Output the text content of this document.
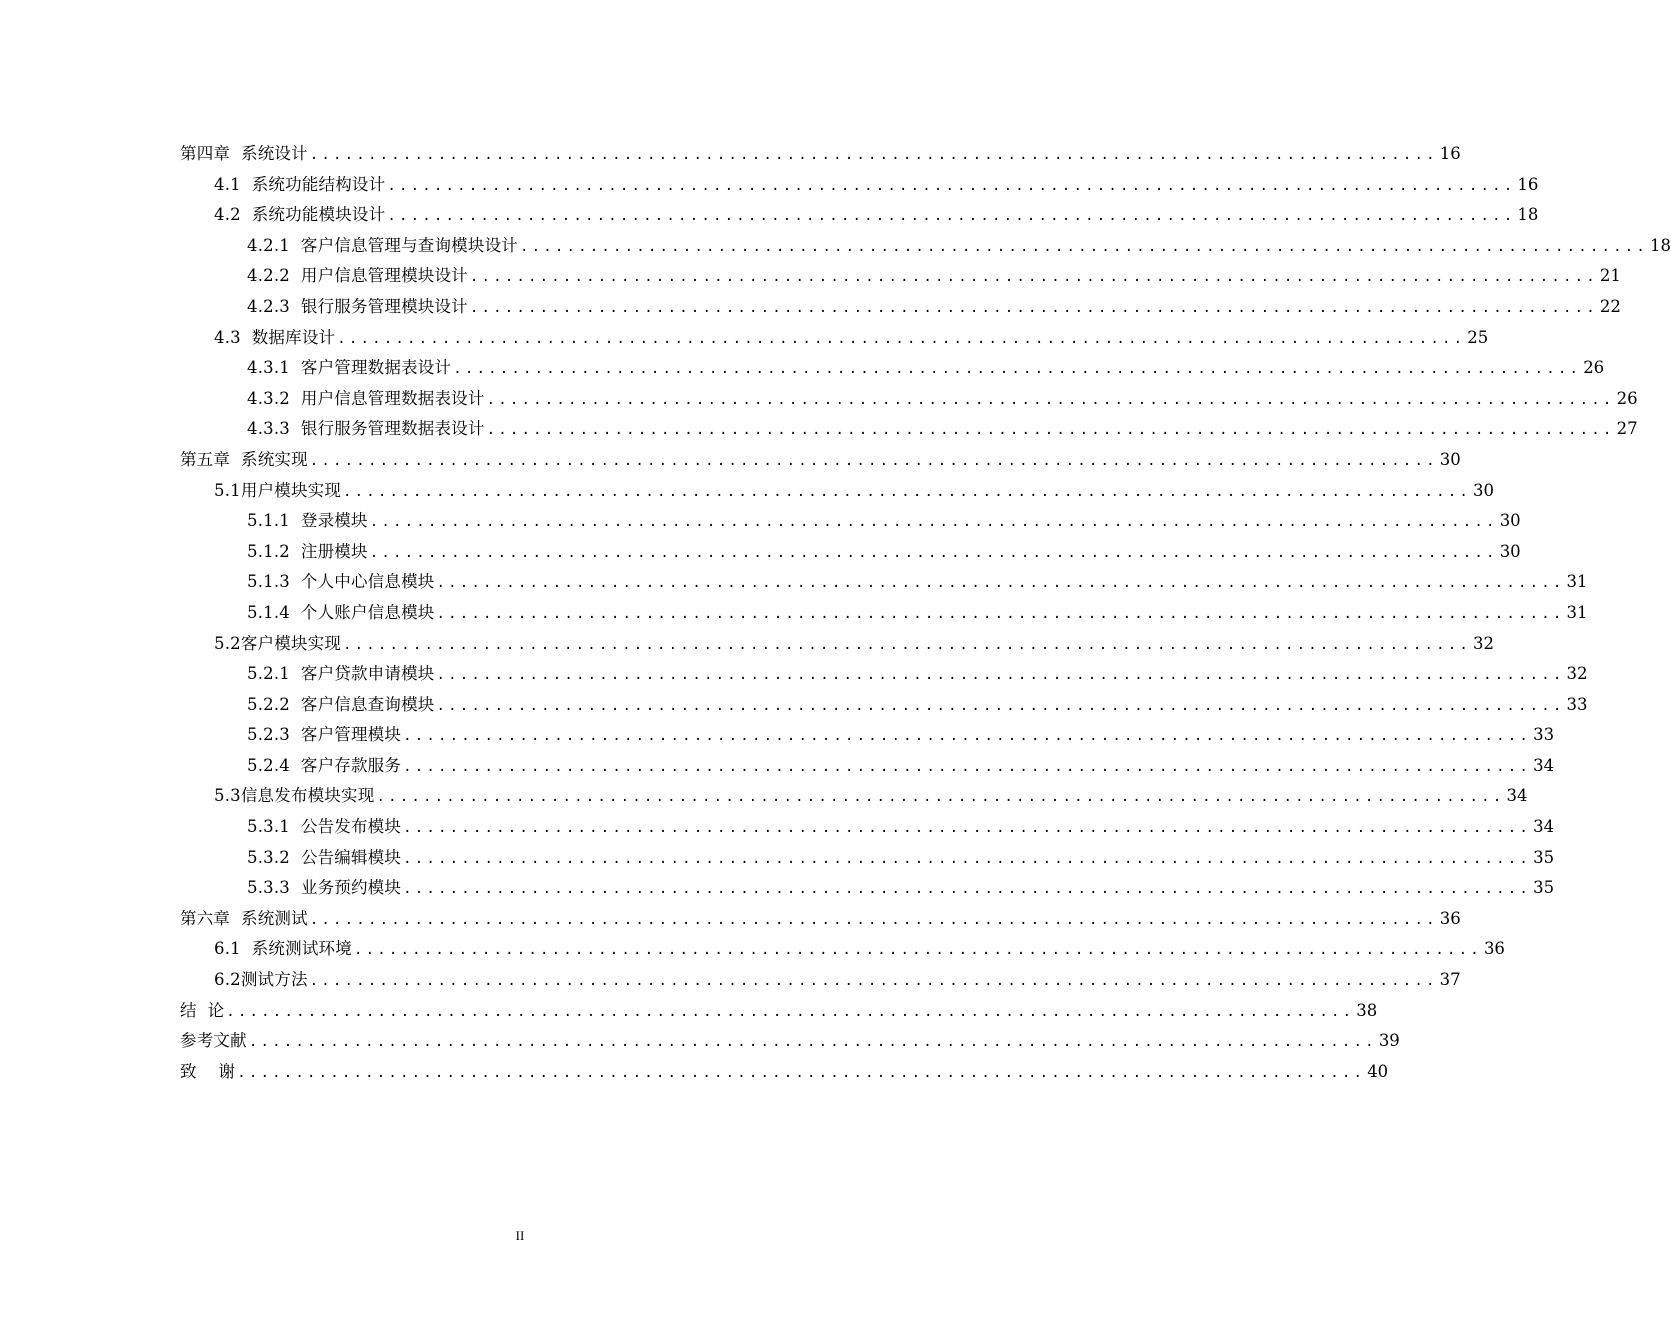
第四章  系统设计 ................................................................................................. 16
4.1  系统功能结构设计 ................................................................................................. 16
4.2  系统功能模块设计 ................................................................................................. 18
4.2.1  客户信息管理与查询模块设计 ................................................................................................. 18
4.2.2  用户信息管理模块设计 ................................................................................................. 21
4.2.3  银行服务管理模块设计 ................................................................................................. 22
4.3  数据库设计 ................................................................................................. 25
4.3.1  客户管理数据表设计 ................................................................................................. 26
4.3.2  用户信息管理数据表设计 ................................................................................................. 26
4.3.3  银行服务管理数据表设计 ................................................................................................. 27
第五章  系统实现 ................................................................................................. 30
5.1用户模块实现 ................................................................................................. 30
5.1.1  登录模块 ................................................................................................. 30
5.1.2  注册模块 ................................................................................................. 30
5.1.3  个人中心信息模块 ................................................................................................. 31
5.1.4  个人账户信息模块 ................................................................................................. 31
5.2客户模块实现 ................................................................................................. 32
5.2.1  客户贷款申请模块 ................................................................................................. 32
5.2.2  客户信息查询模块 ................................................................................................. 33
5.2.3  客户管理模块 ................................................................................................. 33
5.2.4  客户存款服务 ................................................................................................. 34
5.3信息发布模块实现 ................................................................................................. 34
5.3.1  公告发布模块 ................................................................................................. 34
5.3.2  公告编辑模块 ................................................................................................. 35
5.3.3  业务预约模块 ................................................................................................. 35
第六章  系统测试 ................................................................................................. 36
6.1  系统测试环境 ................................................................................................. 36
6.2测试方法 ................................................................................................. 37
结  论 ................................................................................................. 38
参考文献 ................................................................................................. 39
致    谢 ................................................................................................. 40
II
